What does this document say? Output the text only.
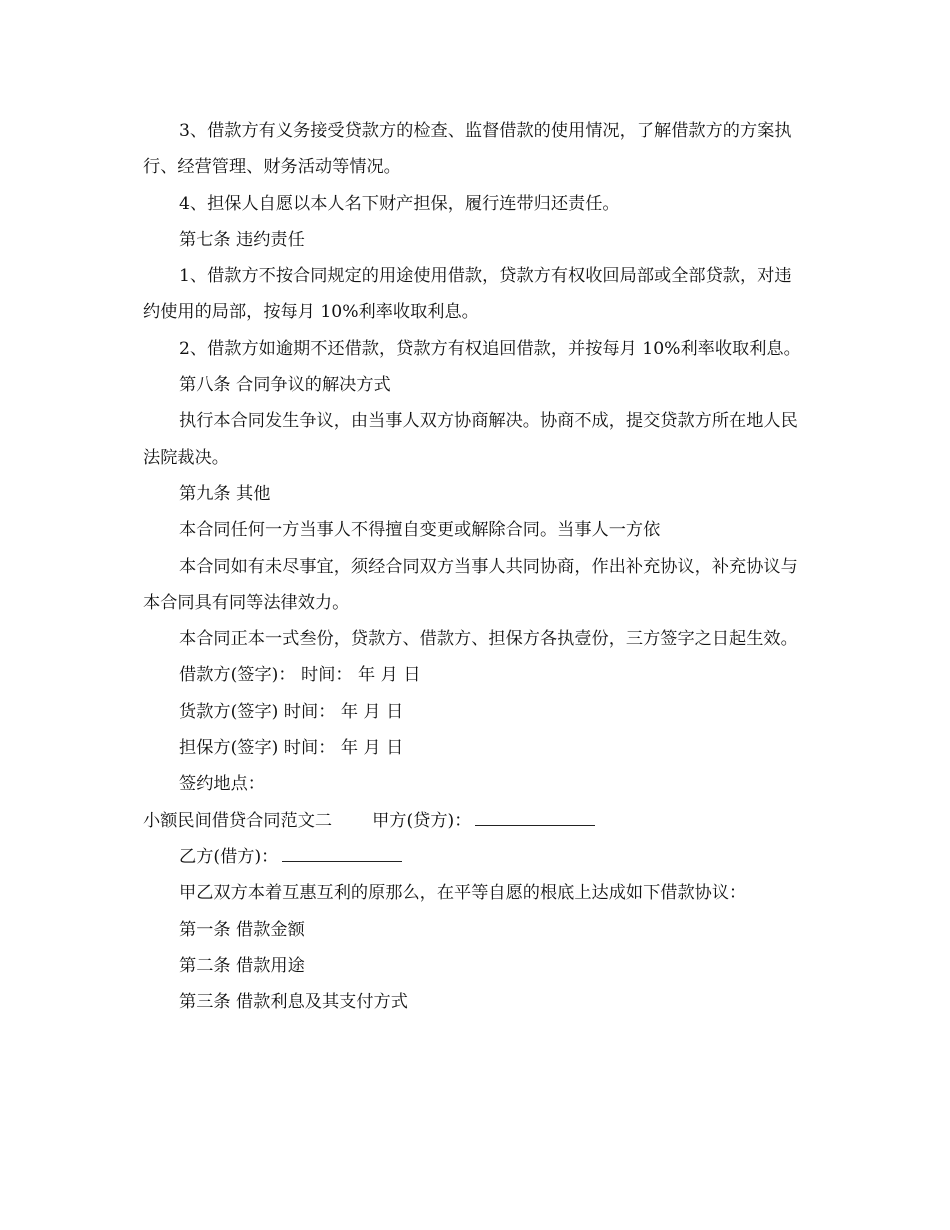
3、借款方有义务接受贷款方的检查、监督借款的使用情况，了解借款方的方案执行、经营管理、财务活动等情况。

4、担保人自愿以本人名下财产担保，履行连带归还责任。

第七条 违约责任

1、借款方不按合同规定的用途使用借款，贷款方有权收回局部或全部贷款，对违约使用的局部，按每月 10%利率收取利息。

2、借款方如逾期不还借款，贷款方有权追回借款，并按每月 10%利率收取利息。

第八条 合同争议的解决方式

执行本合同发生争议，由当事人双方协商解决。协商不成，提交贷款方所在地人民法院裁决。

第九条 其他

本合同任何一方当事人不得擅自变更或解除合同。当事人一方依

本合同如有未尽事宜，须经合同双方当事人共同协商，作出补充协议，补充协议与本合同具有同等法律效力。

本合同正本一式叁份，贷款方、借款方、担保方各执壹份，三方签字之日起生效。

借款方(签字)： 时间： 年 月 日

货款方(签字) 时间： 年 月 日

担保方(签字) 时间： 年 月 日

签约地点：

小额民间借贷合同范文二 甲方(贷方)：

乙方(借方)：

甲乙双方本着互惠互利的原那么，在平等自愿的根底上达成如下借款协议：

第一条 借款金额

第二条 借款用途

第三条 借款利息及其支付方式
